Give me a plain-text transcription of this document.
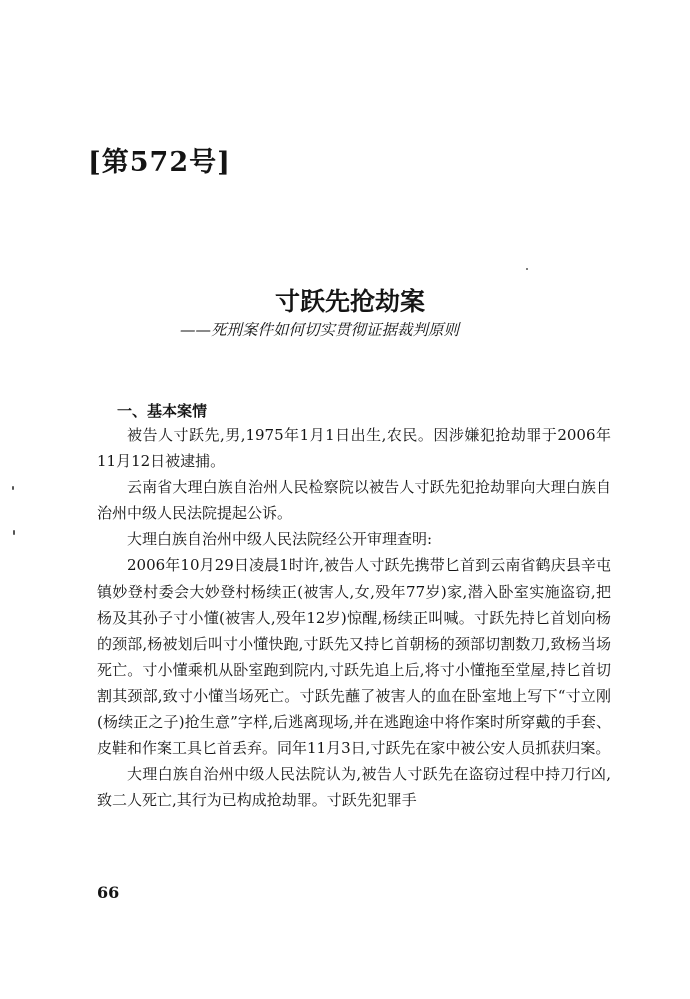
[第572号]
寸跃先抢劫案
——死刑案件如何切实贯彻证据裁判原则
一、基本案情

被告人寸跃先,男,1975年1月1日出生,农民。因涉嫌犯抢劫罪于2006年11月12日被逮捕。

云南省大理白族自治州人民检察院以被告人寸跃先犯抢劫罪向大理白族自治州中级人民法院提起公诉。

大理白族自治州中级人民法院经公开审理查明:

2006年10月29日凌晨1时许,被告人寸跃先携带匕首到云南省鹤庆县辛屯镇妙登村委会大妙登村杨续正(被害人,女,殁年77岁)家,潜入卧室实施盗窃,把杨及其孙子寸小懂(被害人,殁年12岁)惊醒,杨续正叫喊。寸跃先持匕首划向杨的颈部,杨被划后叫寸小懂快跑,寸跃先又持匕首朝杨的颈部切割数刀,致杨当场死亡。寸小懂乘机从卧室跑到院内,寸跃先追上后,将寸小懂拖至堂屋,持匕首切割其颈部,致寸小懂当场死亡。寸跃先蘸了被害人的血在卧室地上写下“寸立刚(杨续正之子)抢生意”字样,后逃离现场,并在逃跑途中将作案时所穿戴的手套、皮鞋和作案工具匕首丢弃。同年11月3日,寸跃先在家中被公安人员抓获归案。

大理白族自治州中级人民法院认为,被告人寸跃先在盗窃过程中持刀行凶,致二人死亡,其行为已构成抢劫罪。寸跃先犯罪手

66
